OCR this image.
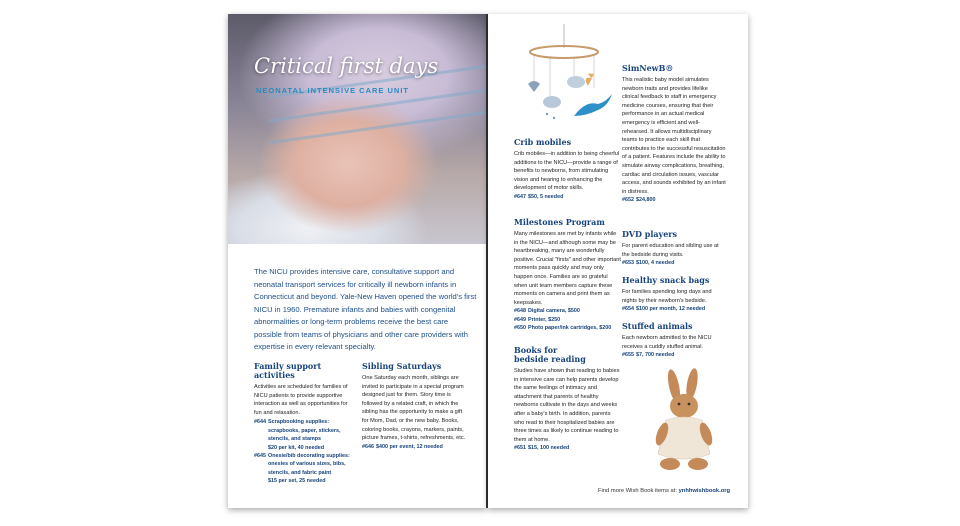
Critical first days
NEONATAL INTENSIVE CARE UNIT
The NICU provides intensive care, consultative support and neonatal transport services for critically ill newborn infants in Connecticut and beyond. Yale-New Haven opened the world's first NICU in 1960. Premature infants and babies with congenital abnormalities or long-term problems receive the best care possible from teams of physicians and other care providers with expertise in every relevant specialty.
Family support activities

Activities are scheduled for families of NICU patients to provide supportive interaction as well as opportunities for fun and relaxation.

#644 Scrapbooking supplies:
scrapbooks, paper, stickers,
stencils, and stamps
$20 per kit, 40 needed
#645 Onesie/bib decorating supplies:
onesies of various sizes, bibs,
stencils, and fabric paint
$15 per set, 25 needed
Sibling Saturdays

One Saturday each month, siblings are invited to participate in a special program designed just for them. Story time is followed by a related craft, in which the sibling has the opportunity to make a gift for Mom, Dad, or the new baby. Books, coloring books, crayons, markers, paints, picture frames, t-shirts, refreshments, etc.

#646 $400 per event, 12 needed
Crib mobiles

Crib mobiles—in addition to being cheerful additions to the NICU—provide a range of benefits to newborns, from stimulating vision and hearing to enhancing the development of motor skills.

#647 $50, 5 needed
Milestones Program

Many milestones are met by infants while in the NICU—and although some may be heartbreaking, many are wonderfully positive. Crucial "firsts" and other important moments pass quickly and may only happen once. Families are so grateful when unit team members capture these moments on camera and print them as keepsakes.

#648 Digital camera, $500
#649 Printer, $250
#650 Photo paper/ink cartridges, $200
Books for
bedside reading

Studies have shown that reading to babies in intensive care can help parents develop the same feelings of intimacy and attachment that parents of healthy newborns cultivate in the days and weeks after a baby's birth. In addition, parents who read to their hospitalized babies are three times as likely to continue reading to them at home.

#651 $15, 100 needed
SimNewB®

This realistic baby model simulates newborn traits and provides lifelike clinical feedback to staff in emergency medicine courses, ensuring that their performance in an actual medical emergency is efficient and well-rehearsed. It allows multidisciplinary teams to practice each skill that contributes to the successful resuscitation of a patient. Features include the ability to simulate airway complications, breathing, cardiac and circulation issues, vascular access, and sounds exhibited by an infant in distress.

#652 $24,800
DVD players

For parent education and sibling use at the bedside during visits.

#653 $100, 4 needed
Healthy snack bags

For families spending long days and nights by their newborn's bedside.

#654 $100 per month, 12 needed
Stuffed animals

Each newborn admitted to the NICU receives a cuddly stuffed animal.

#655 $7, 700 needed
Find more Wish Book items at: ynhhwishbook.org
